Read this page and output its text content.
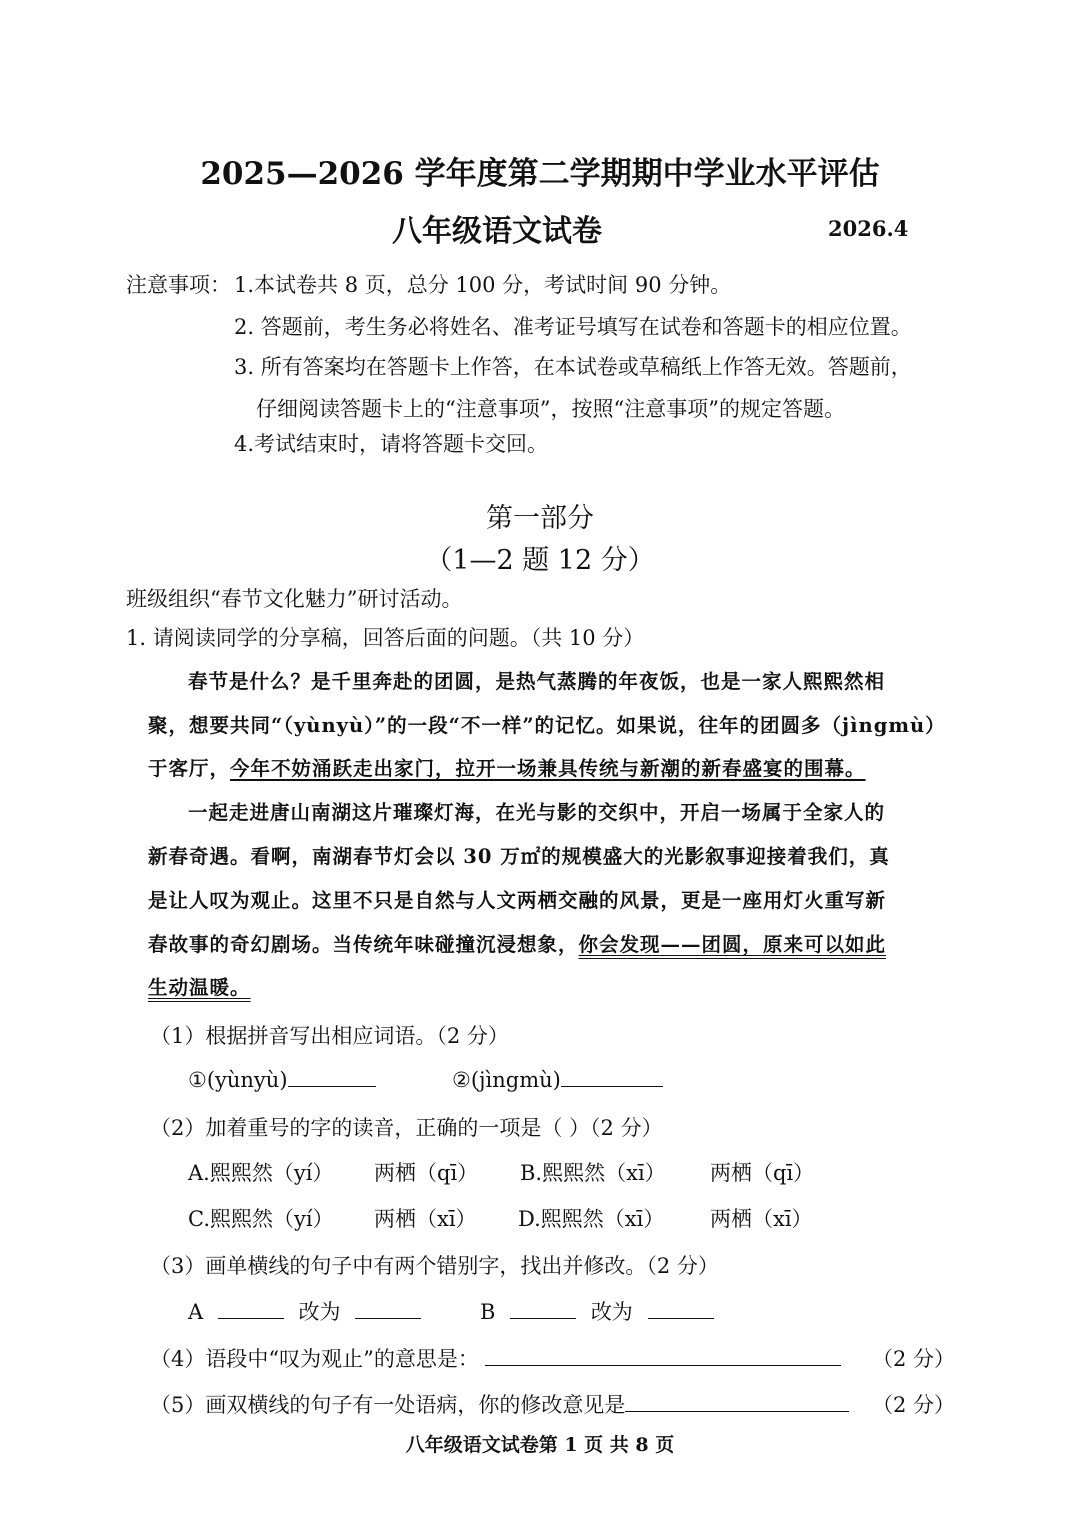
2025—2026 学年度第二学期期中学业水平评估
八年级语文试卷	2026.4
注意事项： 1.本试卷共 8 页，总分 100 分，考试时间 90 分钟。
2. 答题前，考生务必将姓名、准考证号填写在试卷和答题卡的相应位置。
3. 所有答案均在答题卡上作答，在本试卷或草稿纸上作答无效。答题前，
仔细阅读答题卡上的“注意事项”，按照“注意事项”的规定答题。
4.考试结束时，请将答题卡交回。
第一部分
（1—2 题 12 分）
班级组织“春节文化魅力”研讨活动。
1. 请阅读同学的分享稿，回答后面的问题。（共 10 分）
春节是什么？是千里奔赴的团圆，是热气蒸腾的年夜饭，也是一家人熙熙然相
聚，想要共同“（yùnyù）”的一段“不一样”的记忆。如果说，往年的团圆多（jìngmù）
于客厅，今年不妨涌跃走出家门，拉开一场兼具传统与新潮的新春盛宴的围幕。
一起走进唐山南湖这片璀璨灯海，在光与影的交织中，开启一场属于全家人的
新春奇遇。看啊，南湖春节灯会以 30 万㎡的规模盛大的光影叙事迎接着我们，真
是让人叹为观止。这里不只是自然与人文两栖交融的风景，更是一座用灯火重写新
春故事的奇幻剧场。当传统年味碰撞沉浸想象，你会发现——团圆，原来可以如此
生动温暖。
（1）根据拼音写出相应词语。（2 分）
①(yùnyù)	②(jìngmù)
（2）加着重号的字的读音，正确的一项是（ ）（2 分）
A.熙熙然（yí） 两栖（qī） B.熙熙然（xī） 两栖（qī）
C.熙熙然（yí） 两栖（xī） D.熙熙然（xī） 两栖（xī）
（3）画单横线的句子中有两个错别字，找出并修改。（2 分）
A	改为	B	改为
（4）语段中“叹为观止”的意思是：	（2 分）
（5）画双横线的句子有一处语病，你的修改意见是	（2 分）
八年级语文试卷第 1 页 共 8 页
